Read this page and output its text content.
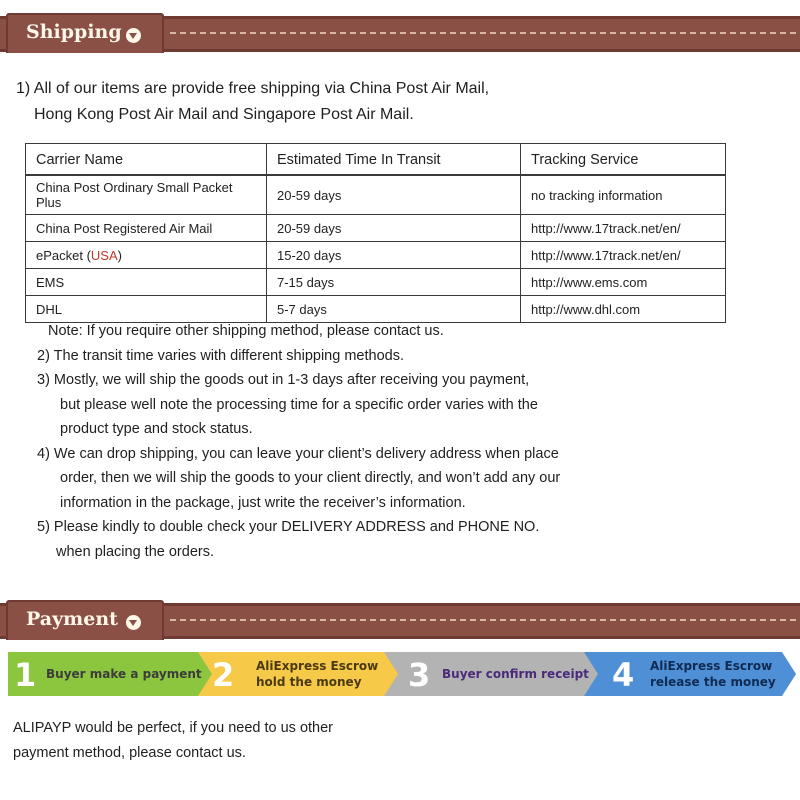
Shipping
1) All of our items are provide free shipping via China Post Air Mail,
Hong Kong Post Air Mail and Singapore Post Air Mail.
Carrier Name	Estimated Time In Transit	Tracking Service
China Post Ordinary Small Packet Plus	20-59 days	no tracking information
China Post Registered Air Mail	20-59 days	http://www.17track.net/en/
ePacket (USA)	15-20 days	http://www.17track.net/en/
EMS	7-15 days	http://www.ems.com
DHL	5-7 days	http://www.dhl.com
Note: If you require other shipping method, please contact us.
2) The transit time varies with different shipping methods.
3) Mostly, we will ship the goods out in 1-3 days after receiving you payment,
but please well note the processing time for a specific order varies with the
product type and stock status.
4) We can drop shipping, you can leave your client’s delivery address when place
order, then we will ship the goods to your client directly, and won’t add any our
information in the package, just write the receiver’s information.
5) Please kindly to double check your DELIVERY ADDRESS and PHONE NO.
when placing the orders.
Payment
1 Buyer make a payment 2 AliExpress Escrow
hold the money 3 Buyer confirm receipt 4 AliExpress Escrow
release the money
ALIPAYP would be perfect, if you need to us other
payment method, please contact us.
